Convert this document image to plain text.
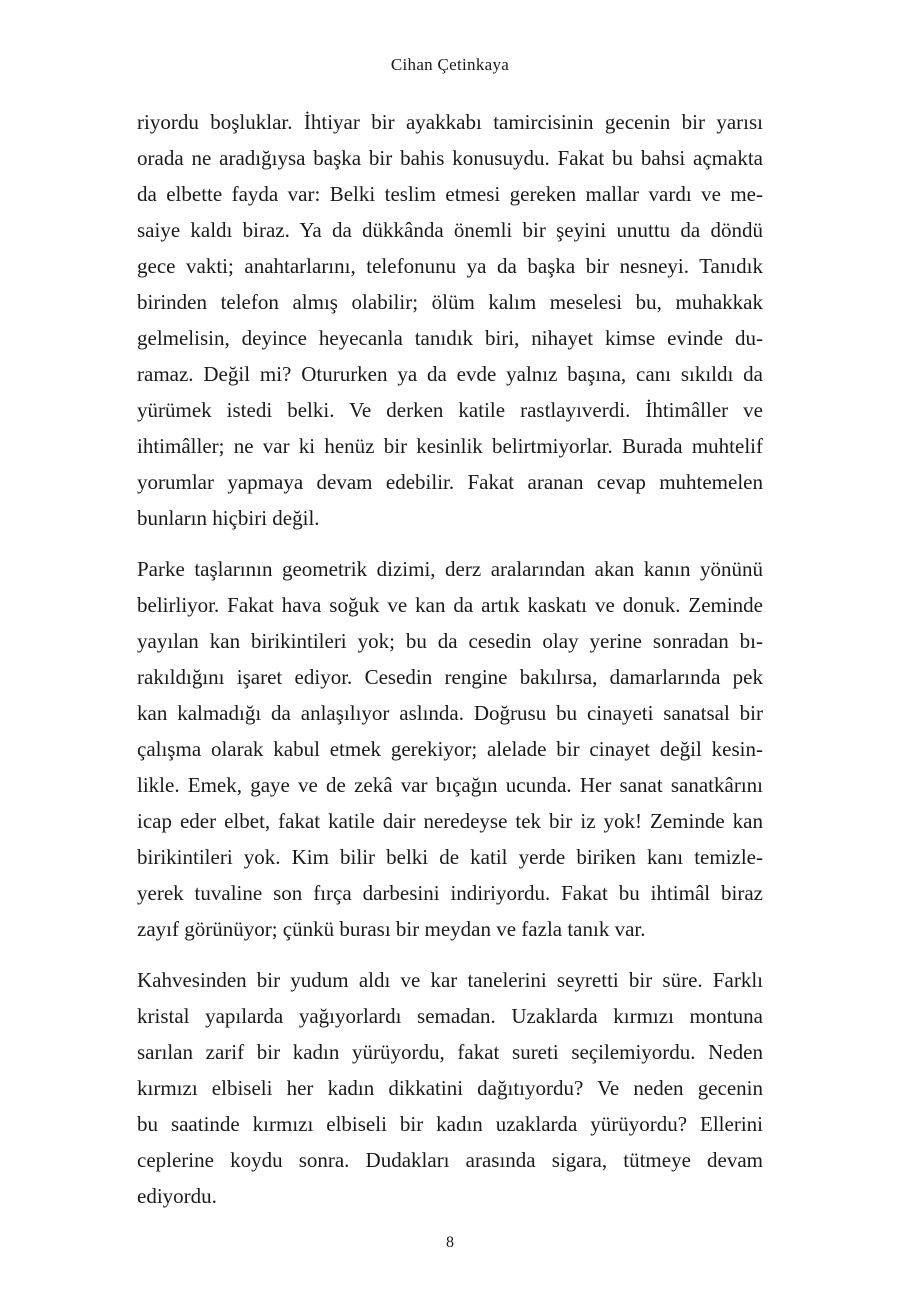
Cihan Çetinkaya

riyordu boşluklar. İhtiyar bir ayakkabı tamircisinin gecenin bir yarısı
orada ne aradığıysa başka bir bahis konusuydu. Fakat bu bahsi açmakta
da elbette fayda var: Belki teslim etmesi gereken mallar vardı ve me-
saiye kaldı biraz. Ya da dükkânda önemli bir şeyini unuttu da döndü
gece vakti; anahtarlarını, telefonunu ya da başka bir nesneyi. Tanıdık
birinden telefon almış olabilir; ölüm kalım meselesi bu, muhakkak
gelmelisin, deyince heyecanla tanıdık biri, nihayet kimse evinde du-
ramaz. Değil mi? Otururken ya da evde yalnız başına, canı sıkıldı da
yürümek istedi belki. Ve derken katile rastlayıverdi. İhtimâller ve
ihtimâller; ne var ki henüz bir kesinlik belirtmiyorlar. Burada muhtelif
yorumlar yapmaya devam edebilir. Fakat aranan cevap muhtemelen
bunların hiçbiri değil.

Parke taşlarının geometrik dizimi, derz aralarından akan kanın yönünü
belirliyor. Fakat hava soğuk ve kan da artık kaskatı ve donuk. Zeminde
yayılan kan birikintileri yok; bu da cesedin olay yerine sonradan bı-
rakıldığını işaret ediyor. Cesedin rengine bakılırsa, damarlarında pek
kan kalmadığı da anlaşılıyor aslında. Doğrusu bu cinayeti sanatsal bir
çalışma olarak kabul etmek gerekiyor; alelade bir cinayet değil kesin-
likle. Emek, gaye ve de zekâ var bıçağın ucunda. Her sanat sanatkârını
icap eder elbet, fakat katile dair neredeyse tek bir iz yok! Zeminde kan
birikintileri yok. Kim bilir belki de katil yerde biriken kanı temizle-
yerek tuvaline son fırça darbesini indiriyordu. Fakat bu ihtimâl biraz
zayıf görünüyor; çünkü burası bir meydan ve fazla tanık var.

Kahvesinden bir yudum aldı ve kar tanelerini seyretti bir süre. Farklı
kristal yapılarda yağıyorlardı semadan. Uzaklarda kırmızı montuna
sarılan zarif bir kadın yürüyordu, fakat sureti seçilemiyordu. Neden
kırmızı elbiseli her kadın dikkatini dağıtıyordu? Ve neden gecenin
bu saatinde kırmızı elbiseli bir kadın uzaklarda yürüyordu? Ellerini
ceplerine koydu sonra. Dudakları arasında sigara, tütmeye devam
ediyordu.

8
